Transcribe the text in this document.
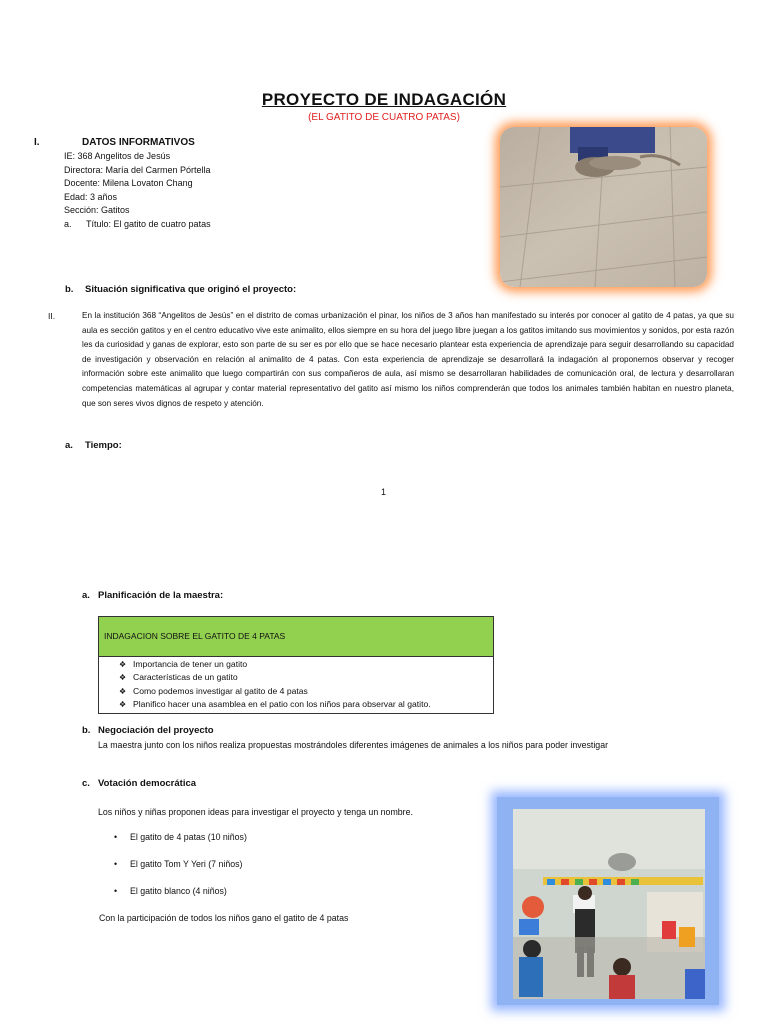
PROYECTO DE INDAGACIÓN
(EL GATITO DE CUATRO PATAS)
I.	DATOS INFORMATIVOS
IE: 368 Angelitos de Jesús
Directora: María del Carmen Pórtella
Docente: Milena Lovaton Chang
Edad: 3 años
Sección: Gatitos
a. Título: El gatito de cuatro patas
b. Situación significativa que originó el proyecto:
II.	En la institución 368 “Angelitos de Jesús” en el distrito de comas urbanización el pinar, los niños de 3 años han manifestado su interés por conocer al gatito de 4 patas, ya que su aula es sección gatitos y en el centro educativo vive este animalito, ellos siempre en su hora del juego libre juegan a los gatitos imitando sus movimientos y sonidos, por esta razón les da curiosidad y ganas de explorar, esto son parte de su ser es por ello que se hace necesario plantear esta experiencia de aprendizaje para seguir desarrollando su capacidad de investigación y observación en relación al animalito de 4 patas. Con esta experiencia de aprendizaje se desarrollará la indagación al proponernos observar y recoger información sobre este animalito que luego compartirán con sus compañeros de aula, así mismo se desarrollaran habilidades de comunicación oral, de lectura y desarrollaran competencias matemáticas al agrupar y contar material representativo del gatito así mismo los niños comprenderán que todos los animales también habitan en nuestro planeta, que son seres vivos dignos de respeto y atención.
a. Tiempo:
1
a. Planificación de la maestra:
INDAGACION SOBRE EL GATITO DE 4 PATAS
❖ Importancia de tener un gatito
❖ Características de un gatito
❖ Como podemos investigar al gatito de 4 patas
❖ Planifico hacer una asamblea en el patio con los niños para observar al gatito.
b. Negociación del proyecto
La maestra junto con los niños realiza propuestas mostrándoles diferentes imágenes de animales a los niños para poder investigar
c. Votación democrática
Los niños y niñas proponen ideas para investigar el proyecto y tenga un nombre.
• El gatito de 4 patas (10 niños)
• El gatito Tom Y Yeri (7 niños)
• El gatito blanco (4 niños)
Con la participación de todos los niños gano el gatito de 4 patas
